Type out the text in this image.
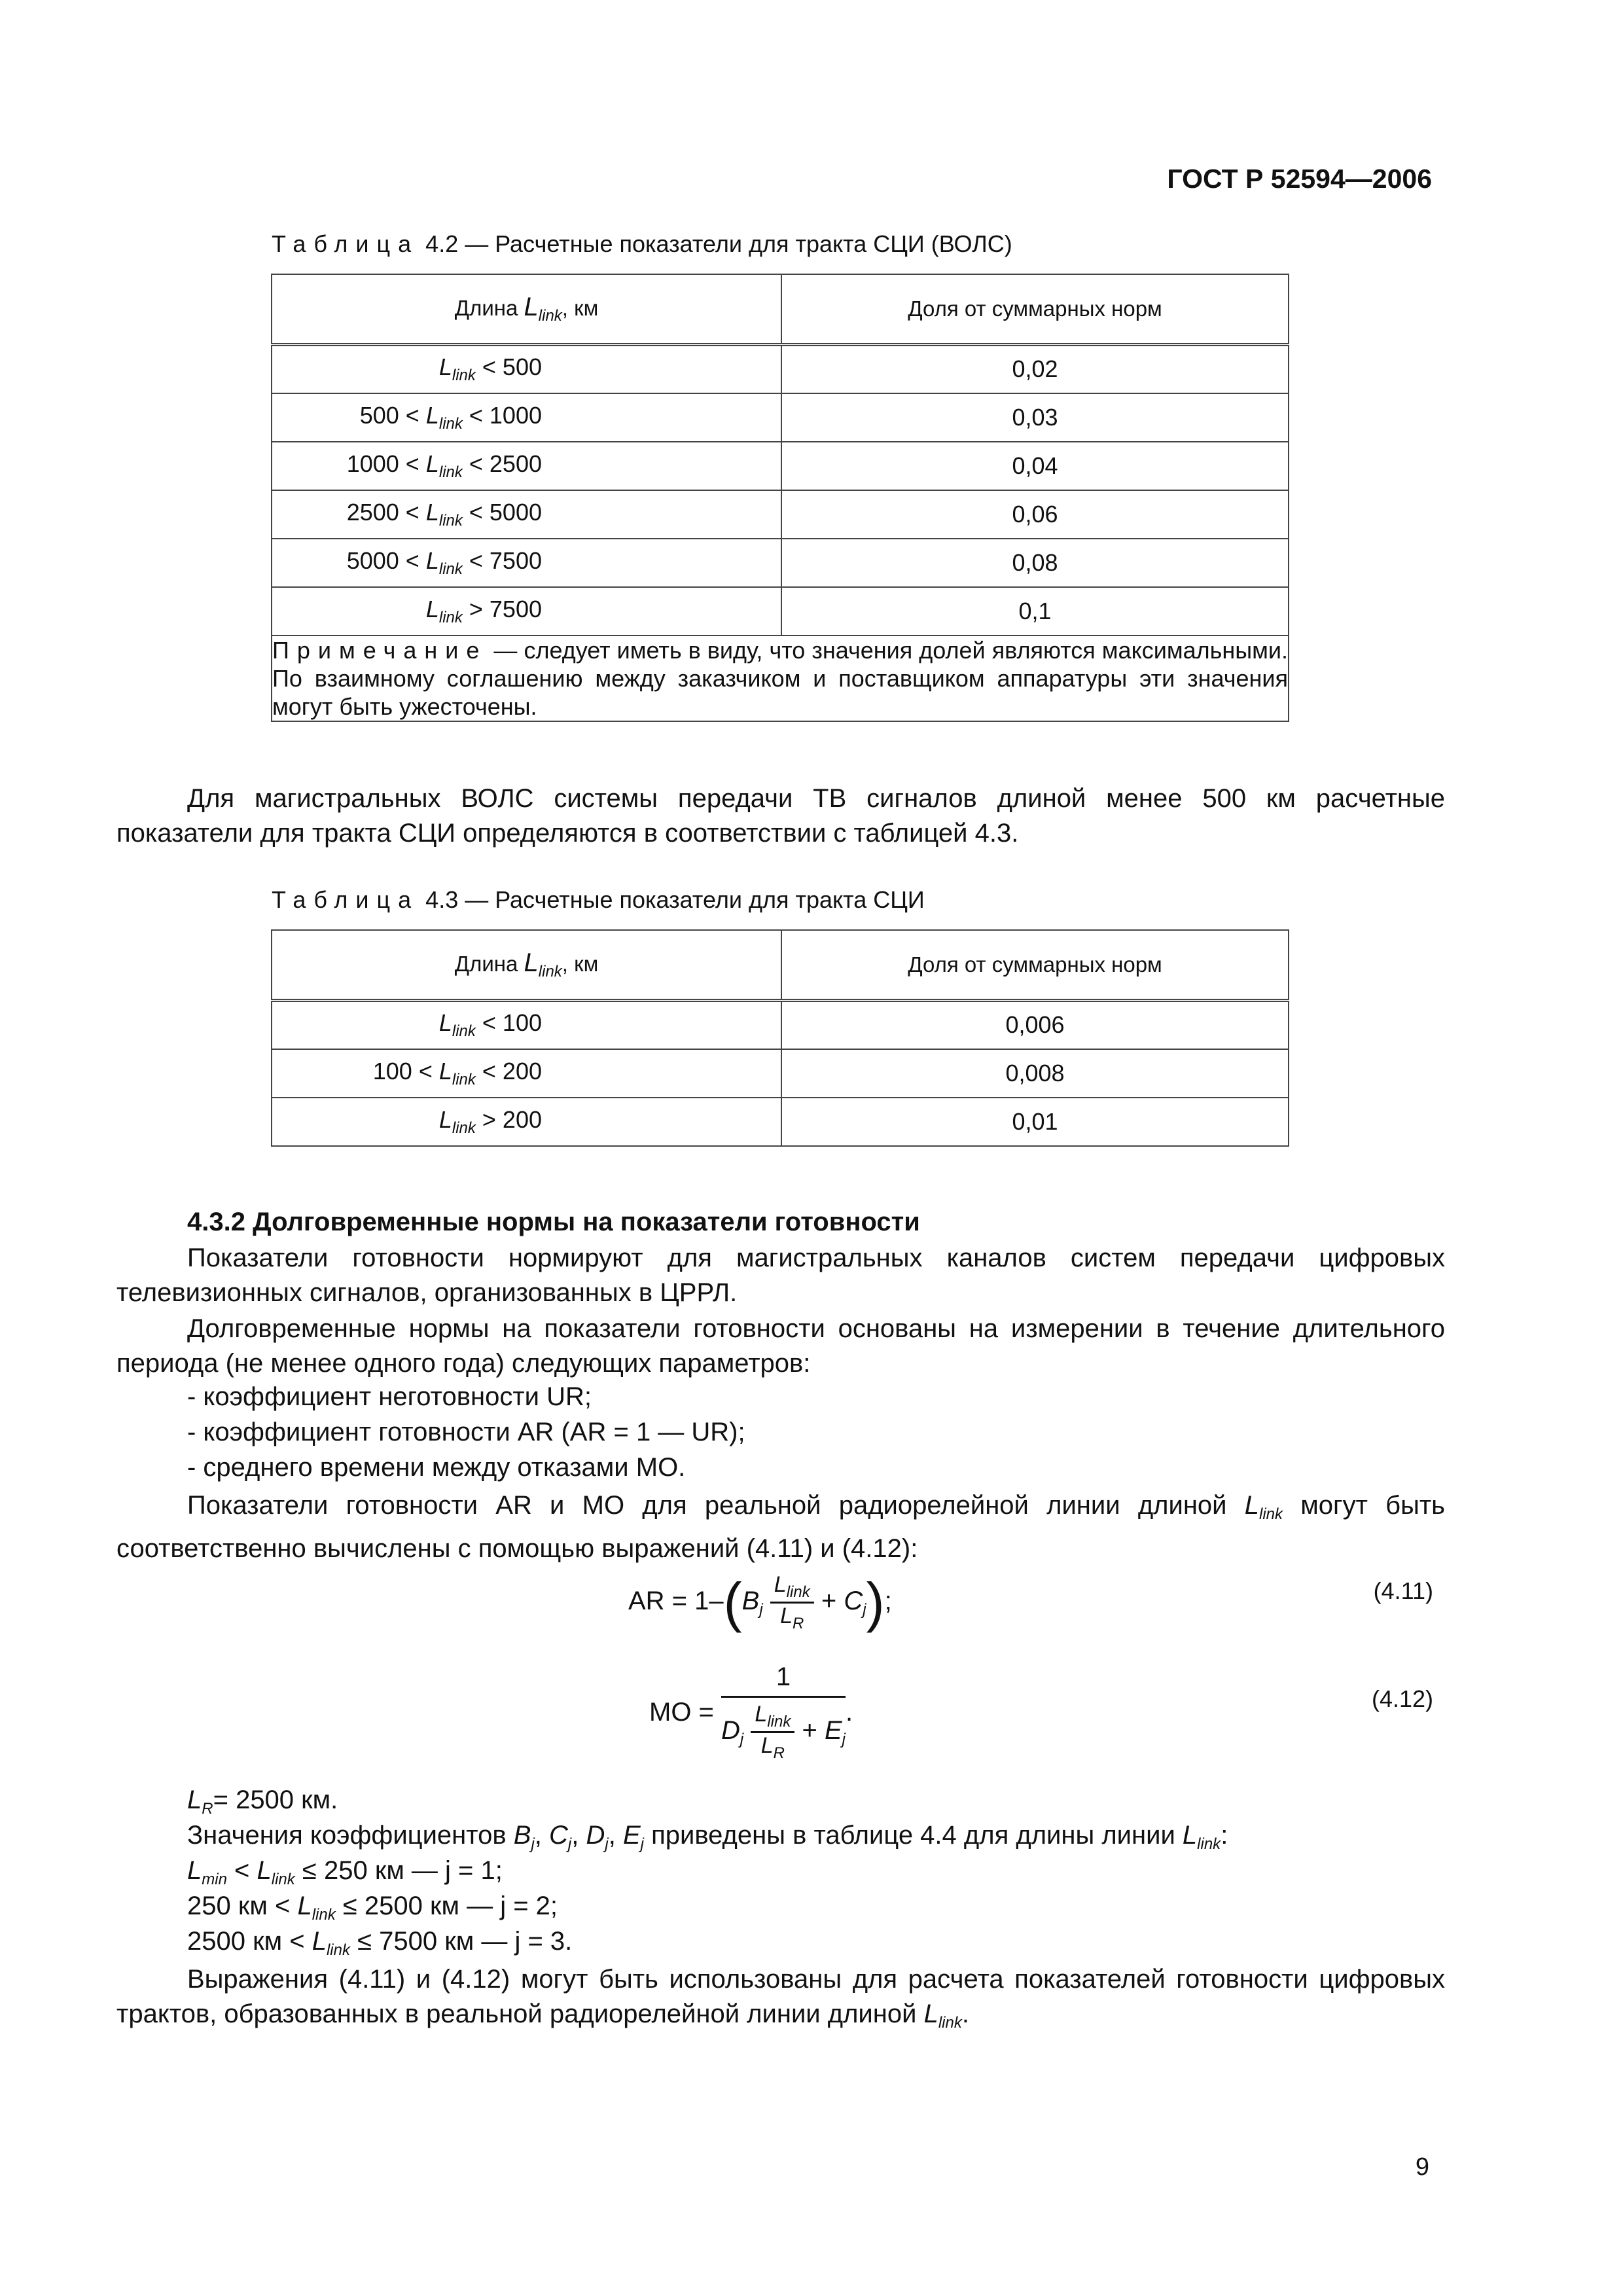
ГОСТ Р 52594—2006
Таблица 4.2 — Расчетные показатели для тракта СЦИ (ВОЛС)
Длина $L_{link}$, км	Доля от суммарных норм
$L_{link} < 500$	0,02
$500 < L_{link} < 1000$	0,03
$1000 < L_{link} < 2500$	0,04
$2500 < L_{link} < 5000$	0,06
$5000 < L_{link} < 7500$	0,08
$L_{link} > 7500$	0,1
Примечание — следует иметь в виду, что значения долей являются максимальными. По взаимному соглашению между заказчиком и поставщиком аппаратуры эти значения могут быть ужесточены.	
Для магистральных ВОЛС системы передачи ТВ сигналов длиной менее 500 км расчетные показатели для тракта СЦИ определяются в соответствии с таблицей 4.3.
Таблица 4.3 — Расчетные показатели для тракта СЦИ
Длина $L_{link}$, км	Доля от суммарных норм
$L_{link} < 100$	0,006
$100 < L_{link} < 200$	0,008
$L_{link} > 200$	0,01
4.3.2 Долговременные нормы на показатели готовности
Показатели готовности нормируют для магистральных каналов систем передачи цифровых телевизионных сигналов, организованных в ЦРРЛ.
Долговременные нормы на показатели готовности основаны на измерении в течение длительного периода (не менее одного года) следующих параметров:
- коэффициент неготовности UR;
- коэффициент готовности AR (AR = 1 — UR);
- среднего времени между отказами MO.
Показатели готовности AR и MO для реальной радиорелейной линии длиной $L_{link}$ могут быть соответственно вычислены с помощью выражений (4.11) и (4.12):
AR = $1-(B_j \frac{L_{link}}{L_R} + C_j)$;	(4.11)
MO = $\frac{1}{D_j \frac{L_{link}}{L_R} + E_j}$ .	(4.12)
$L_R= 2500$ км.
Значения коэффициентов $B_j$, $C_j$, $D_j$, $E_j$ приведены в таблице 4.4 для длины линии $L_{link}$:
$L_{min} < L_{link} \le 250$ км — j = 1;
250 км < $L_{link} \le 2500$ км — j = 2;
2500 км < $L_{link} \le 7500$ км — j = 3.
Выражения (4.11) и (4.12) могут быть использованы для расчета показателей готовности цифровых трактов, образованных в реальной радиорелейной линии длиной $L_{link}$.
9
